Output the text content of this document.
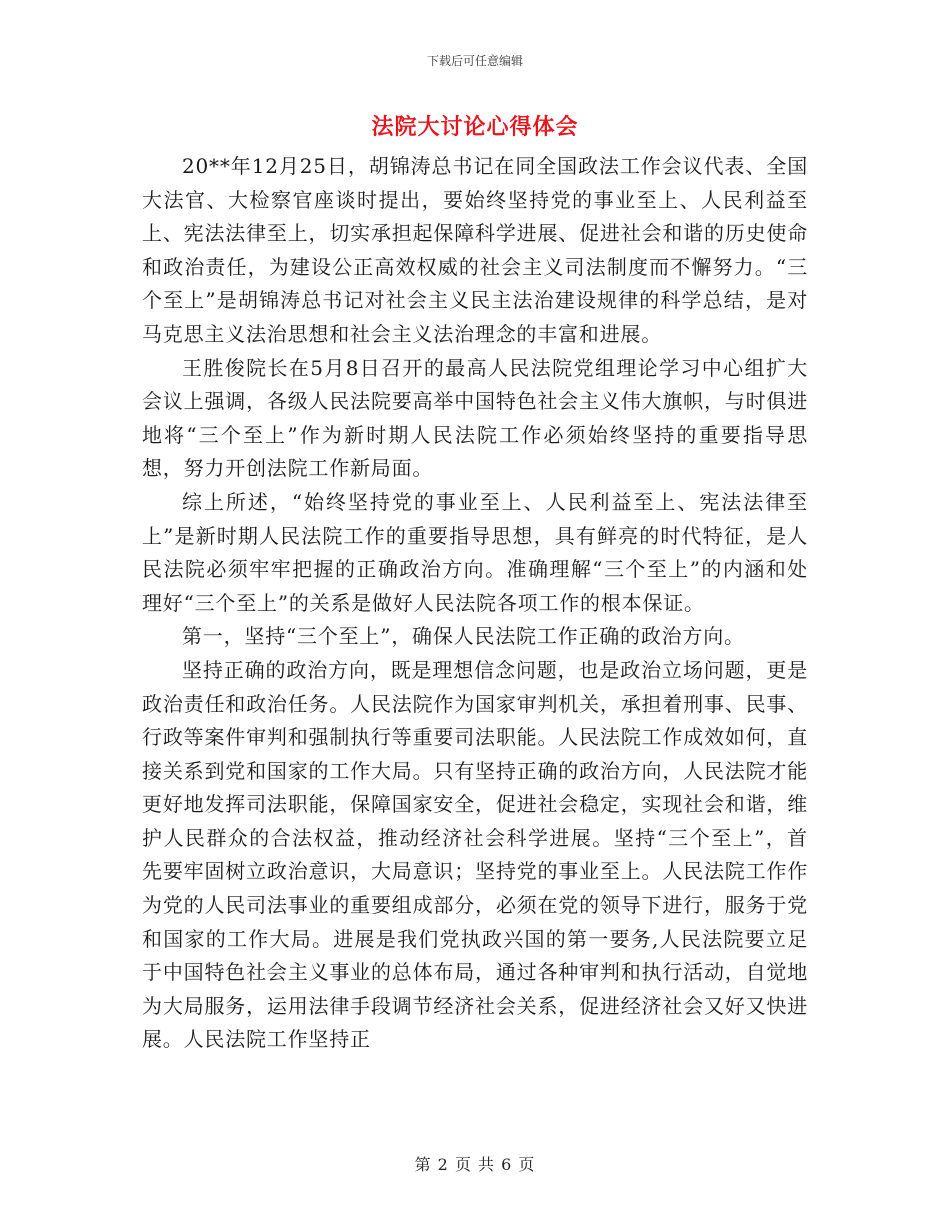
下载后可任意编辑
法院大讨论心得体会

20**年12月25日，胡锦涛总书记在同全国政法工作会议代表、全国大法官、大检察官座谈时提出，要始终坚持党的事业至上、人民利益至上、宪法法律至上，切实承担起保障科学进展、促进社会和谐的历史使命和政治责任，为建设公正高效权威的社会主义司法制度而不懈努力。“三个至上”是胡锦涛总书记对社会主义民主法治建设规律的科学总结，是对马克思主义法治思想和社会主义法治理念的丰富和进展。

王胜俊院长在5月8日召开的最高人民法院党组理论学习中心组扩大会议上强调，各级人民法院要高举中国特色社会主义伟大旗帜，与时俱进地将“三个至上”作为新时期人民法院工作必须始终坚持的重要指导思想，努力开创法院工作新局面。

综上所述，“始终坚持党的事业至上、人民利益至上、宪法法律至上”是新时期人民法院工作的重要指导思想，具有鲜亮的时代特征，是人民法院必须牢牢把握的正确政治方向。准确理解“三个至上”的内涵和处理好“三个至上”的关系是做好人民法院各项工作的根本保证。

第一，坚持“三个至上”，确保人民法院工作正确的政治方向。

坚持正确的政治方向，既是理想信念问题，也是政治立场问题，更是政治责任和政治任务。人民法院作为国家审判机关，承担着刑事、民事、行政等案件审判和强制执行等重要司法职能。人民法院工作成效如何，直接关系到党和国家的工作大局。只有坚持正确的政治方向，人民法院才能更好地发挥司法职能，保障国家安全，促进社会稳定，实现社会和谐，维护人民群众的合法权益，推动经济社会科学进展。坚持“三个至上”，首先要牢固树立政治意识，大局意识；坚持党的事业至上。人民法院工作作为党的人民司法事业的重要组成部分，必须在党的领导下进行，服务于党和国家的工作大局。进展是我们党执政兴国的第一要务,人民法院要立足于中国特色社会主义事业的总体布局，通过各种审判和执行活动，自觉地为大局服务，运用法律手段调节经济社会关系，促进经济社会又好又快进展。人民法院工作坚持正

第 2 页 共 6 页
